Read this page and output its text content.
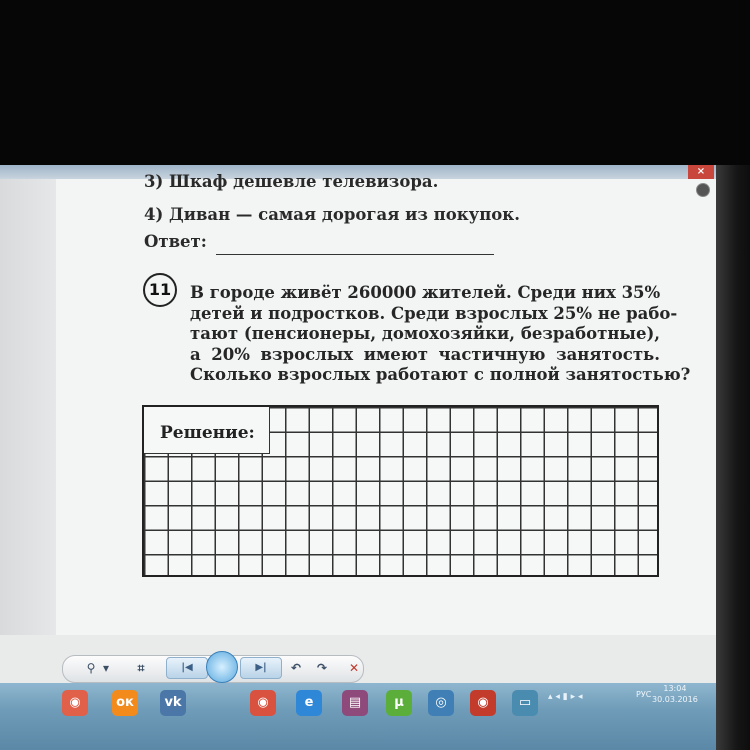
×
3) Шкаф дешевле телевизора.
4) Диван — самая дорогая из покупок.
Ответ:
11	В городе живёт 260000 жителей. Среди них 35%
детей и подростков. Среди взрослых 25% не рабо-
тают (пенсионеры, домохозяйки, безработные),
а 20% взрослых имеют частичную занятость.
Сколько взрослых работают с полной занятостью?
Решение:
⚲ ▾	⌗	|◀	▶|	↶ ↷ ✕
◉	ок	vk	◉	e	▤	µ	◎	◉	▭	▴ ◂ ▮ ▸ ◂	РУС
13:04
30.03.2016
